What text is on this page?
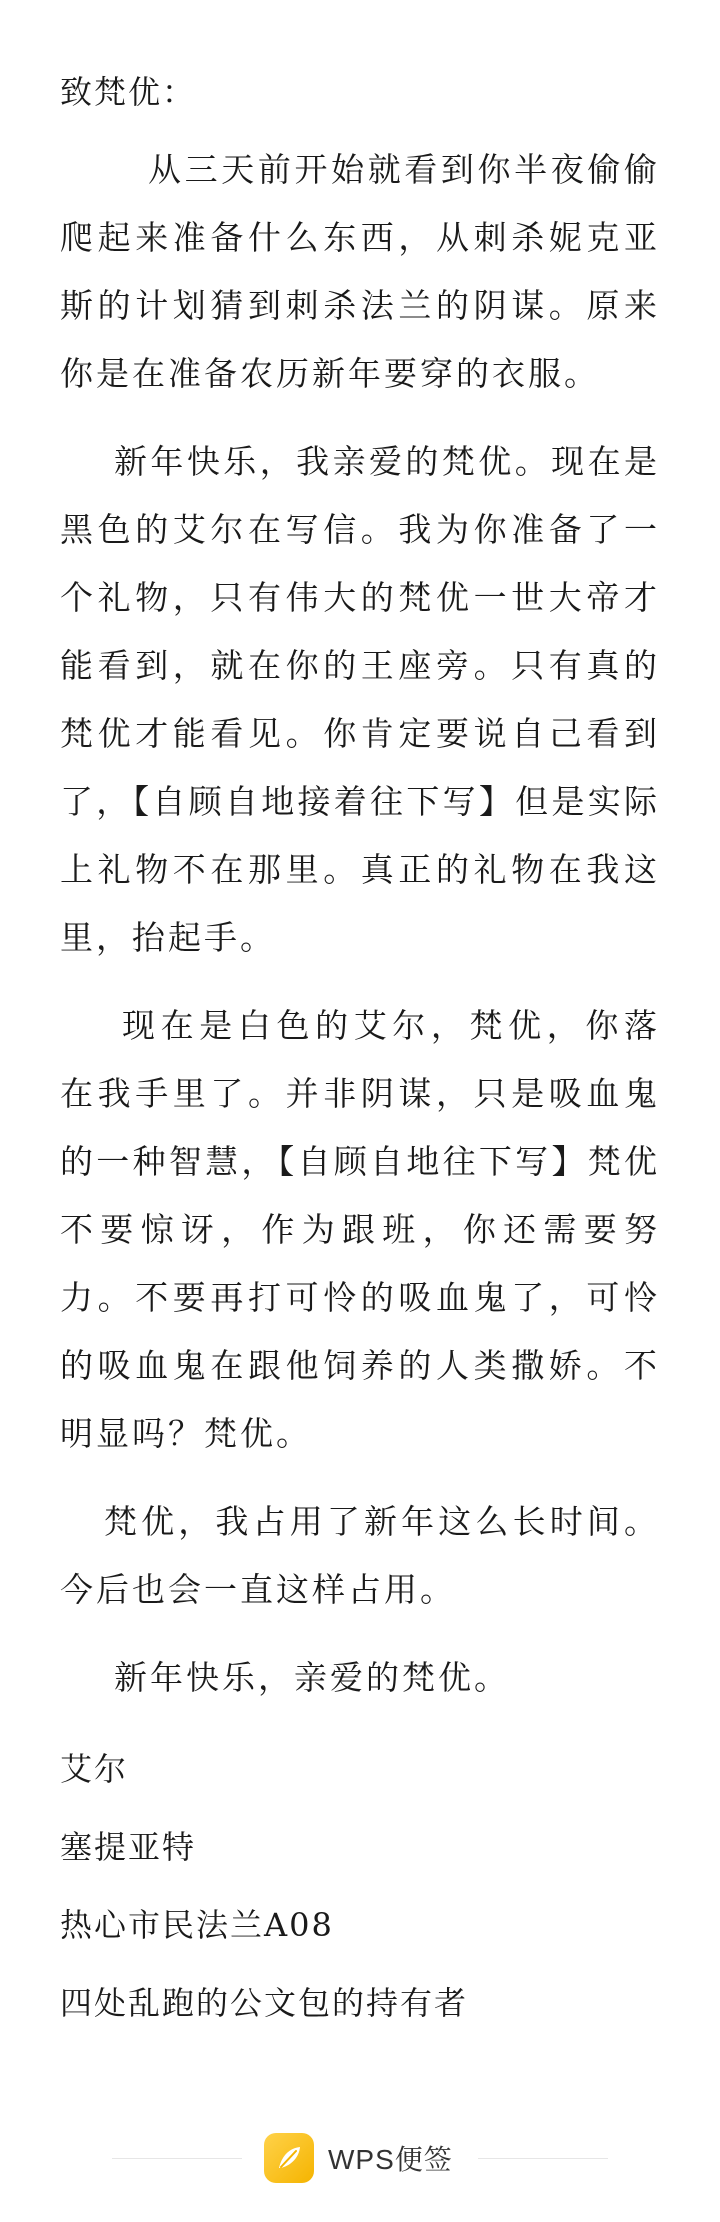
致梵优：

从三天前开始就看到你半夜偷偷爬起来准备什么东西，从刺杀妮克亚斯的计划猜到刺杀法兰的阴谋。原来你是在准备农历新年要穿的衣服。

新年快乐，我亲爱的梵优。现在是黑色的艾尔在写信。我为你准备了一个礼物，只有伟大的梵优一世大帝才能看到，就在你的王座旁。只有真的梵优才能看见。你肯定要说自己看到了，【自顾自地接着往下写】但是实际上礼物不在那里。真正的礼物在我这里，抬起手。

现在是白色的艾尔，梵优，你落在我手里了。并非阴谋，只是吸血鬼的一种智慧，【自顾自地往下写】梵优不要惊讶，作为跟班，你还需要努力。不要再打可怜的吸血鬼了，可怜的吸血鬼在跟他饲养的人类撒娇。不明显吗？梵优。

梵优，我占用了新年这么长时间。今后也会一直这样占用。

新年快乐，亲爱的梵优。

艾尔

塞提亚特

热心市民法兰A08

四处乱跑的公文包的持有者

WPS便签
